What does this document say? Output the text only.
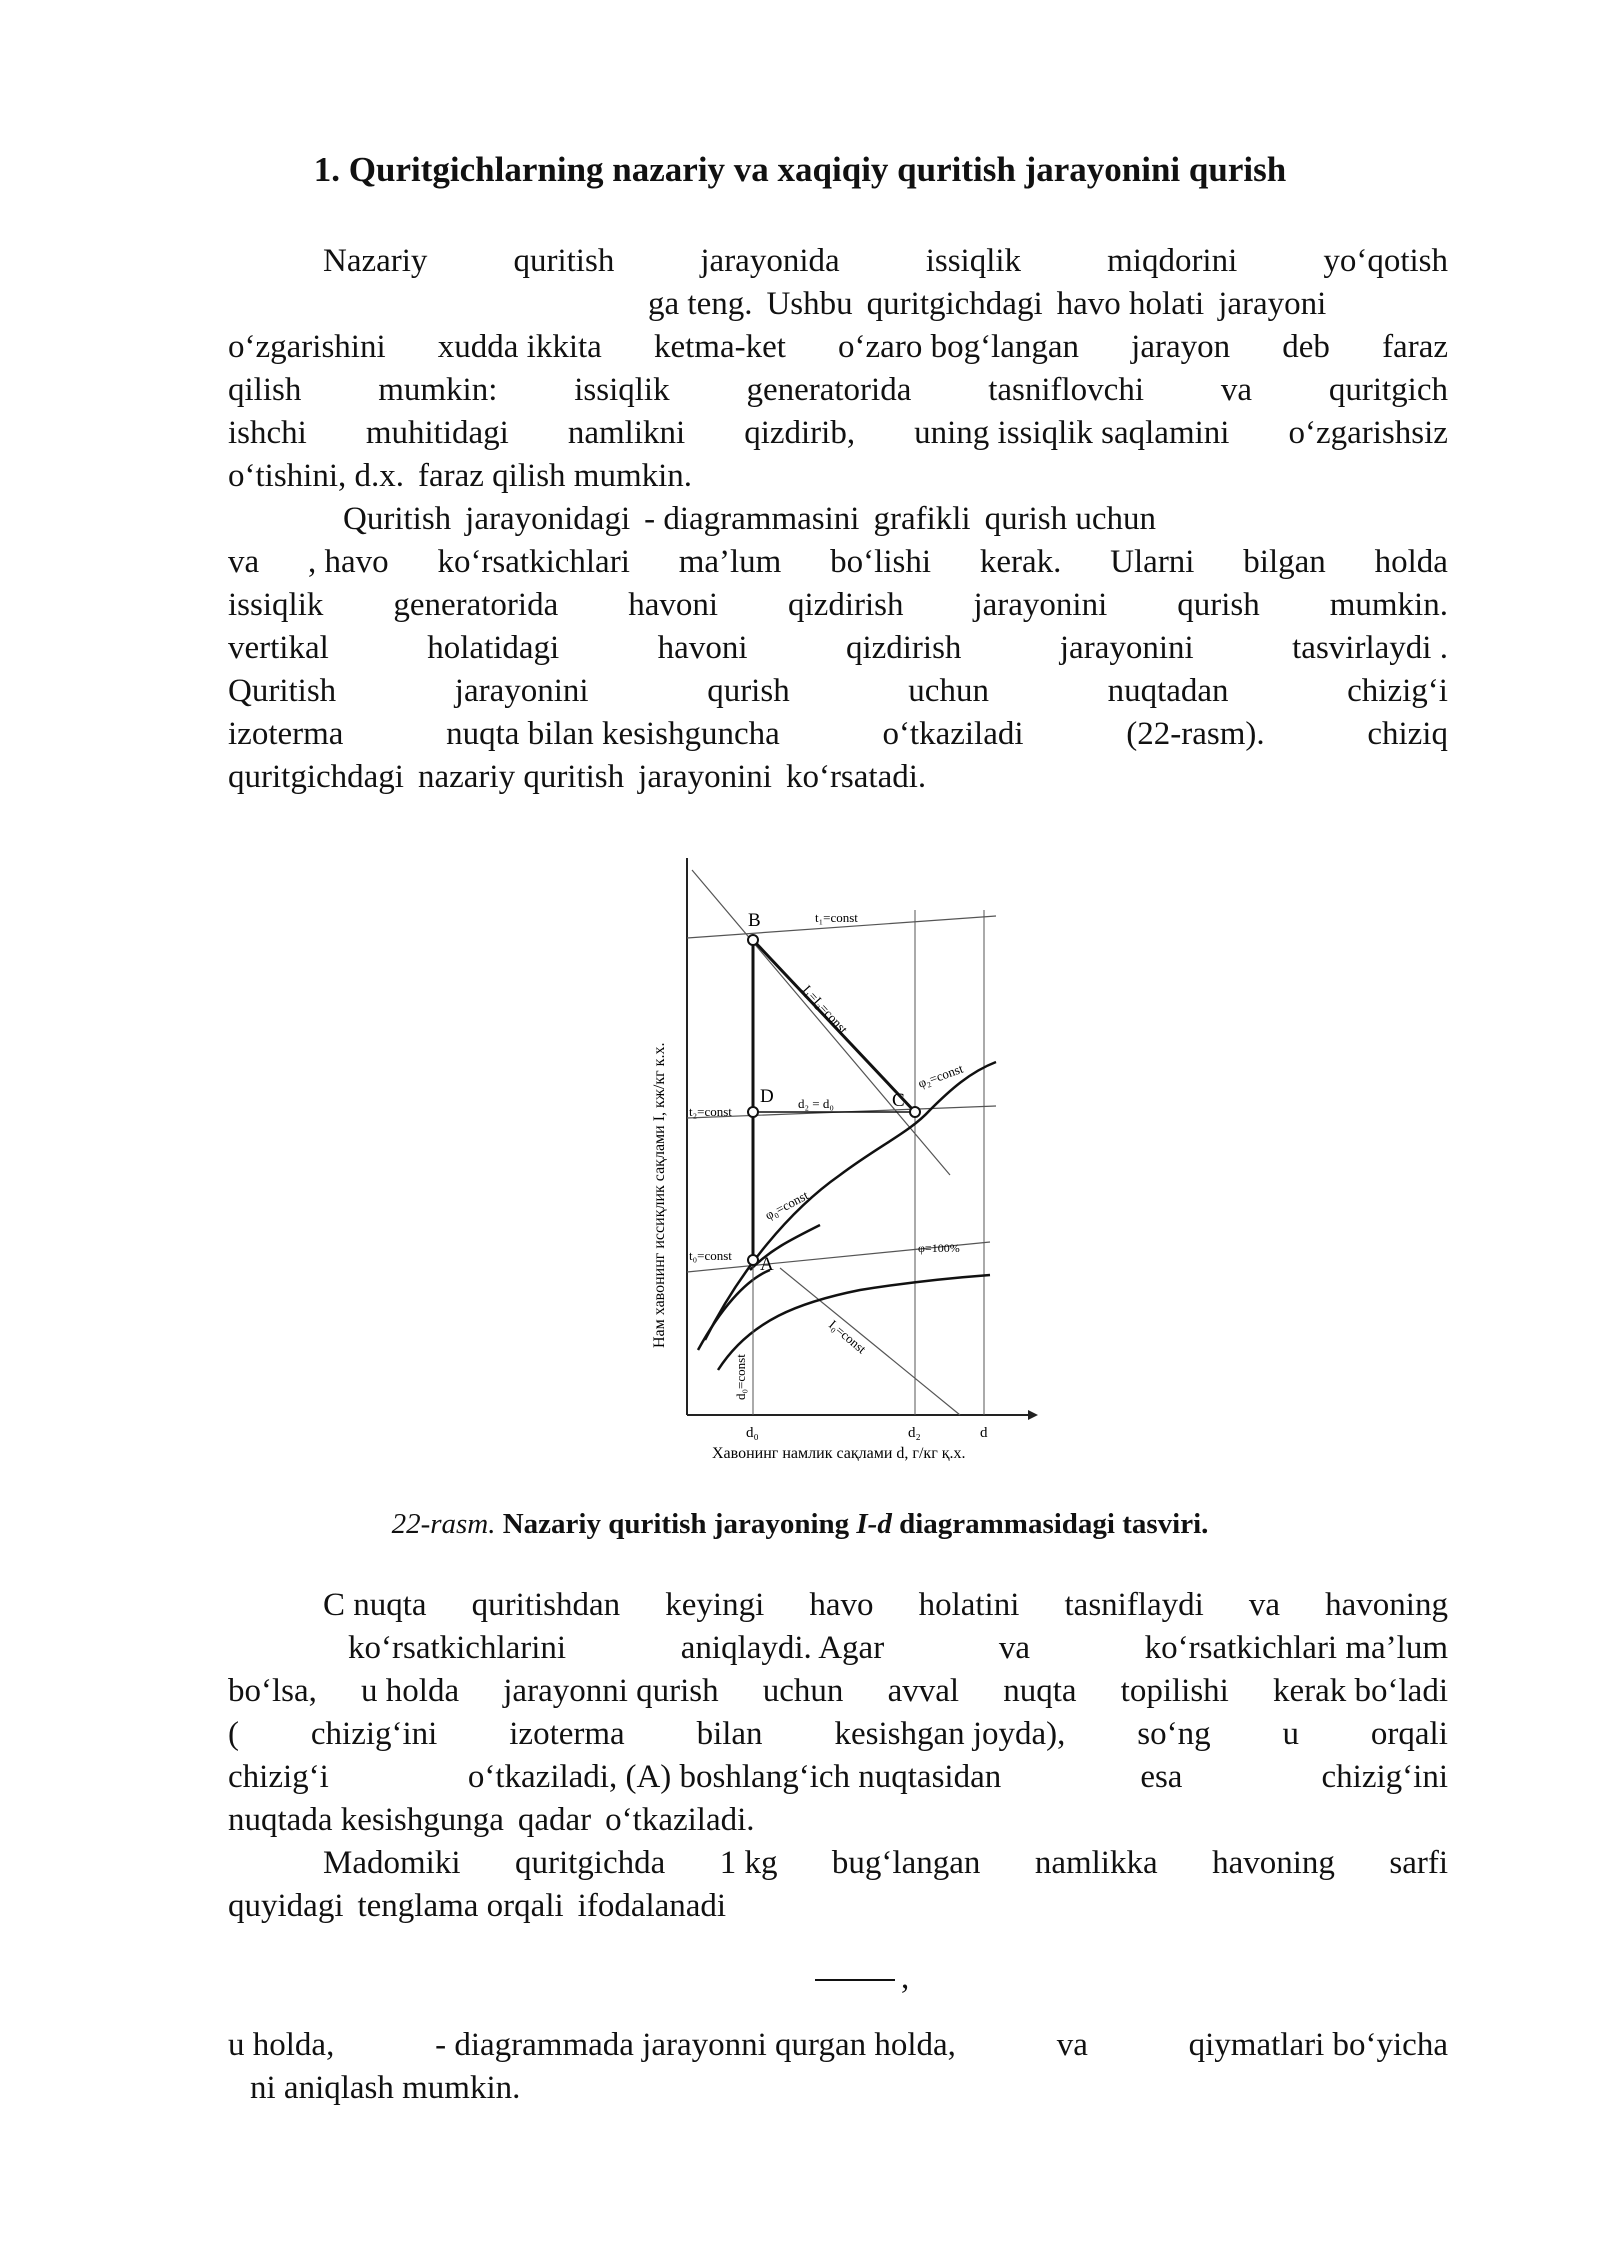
1. Quritgichlarning nazariy va xaqiqiy quritish jarayonini qurish
Nazariy	quritish	jarayonida	issiqlik	miqdorini	yo‘qotish
ga teng. Ushbu quritgichdagi havo holati jarayoni
o‘zgarishini xudda ikkita ketma-ket o‘zaro bog‘langan jarayon deb faraz
qilish mumkin: issiqlik generatorida tasniflovchi va quritgich
ishchi muhitidagi namlikni qizdirib, uning issiqlik saqlamini o‘zgarishsiz
o‘tishini, d.x. faraz qilish mumkin.
Quritish jarayonidagi - diagrammasini grafikli qurish uchun
va , havo ko‘rsatkichlari ma’lum bo‘lishi kerak. Ularni bilgan holda
issiqlik generatorida havoni qizdirish jarayonini qurish mumkin.
vertikal	holatidagi	havoni	qizdirish	jarayonini	tasvirlaydi .
Quritish	jarayonini	qurish	uchun	nuqtadan	chizig‘i
izoterma	nuqta bilan kesishguncha	o‘tkaziladi	(22-rasm).	chiziq
quritgichdagi nazariy quritish jarayonini ko‘rsatadi.
C nuqta quritishdan keyingi havo holatini tasniflaydi va havoning
ko‘rsatkichlarini	aniqlaydi. Agar	va	ko‘rsatkichlari ma’lum
bo‘lsa, u holda jarayonni qurish uchun avval nuqta topilishi kerak bo‘ladi
( chizig‘ini izoterma bilan kesishgan joyda), so‘ng u orqali
chizig‘i	o‘tkaziladi, (A) boshlang‘ich nuqtasidan	esa	chizig‘ini
nuqtada kesishgunga qadar o‘tkaziladi.
Madomiki quritgichda 1 kg bug‘langan namlikka havoning sarfi
quyidagi tenglama orqali ifodalanadi
u holda,	- diagrammada jarayonni qurgan holda,	va	qiymatlari bo‘yicha
ni aniqlash mumkin.
B
D	C
A
t₁=const
t₂=const
t₀=const
I₁=I₂=const
φ₂=const
φ₀=const
φ=100%
I₀=const
d₀=const
d₂ = d₀
d₀	d₂	d
Хавонинг намлик сақлами d, г/кг қ.х.
Нам хавонинг иссиқлик сақлами I, кж/кг к.х.
22-rasm. Nazariy quritish jarayoning I-d diagrammasidagi tasviri.
,
